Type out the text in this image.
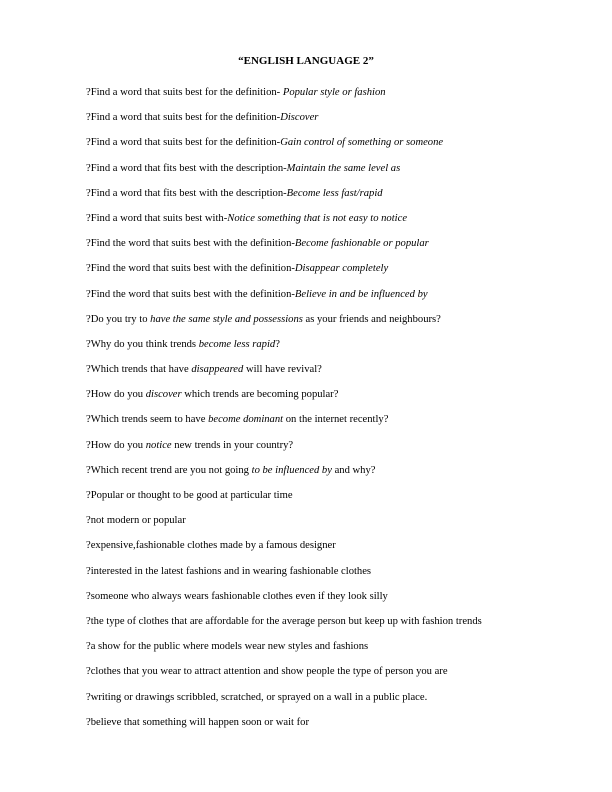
“ENGLISH LANGUAGE 2”
?Find a word that suits best for the definition- Popular style or fashion
?Find a word that suits best for the definition-Discover
?Find a word that suits best for the definition-Gain control of something or someone
?Find a word that fits best with the description-Maintain the same level as
?Find a word that fits best with the description-Become less fast/rapid
?Find a word that suits best with-Notice something that is not easy to notice
?Find the word that suits best with the definition-Become fashionable or popular
?Find the word that suits best with the definition-Disappear completely
?Find the word that suits best with the definition-Believe in and be influenced by
?Do you try to have the same style and possessions as your friends and neighbours?
?Why do you think trends become less rapid?
?Which trends that have disappeared will have revival?
?How do you discover which trends are becoming popular?
?Which trends seem to have become dominant on the internet recently?
?How do you notice new trends in your country?
?Which recent trend are you not going to be influenced by and why?
?Popular or thought to be good at particular time
?not modern or popular
?expensive,fashionable clothes made by a famous designer
?interested in the latest fashions and in wearing fashionable clothes
?someone who always wears fashionable clothes even if they look silly
?the type of clothes that are affordable for the average person but keep up with fashion trends
?a show for the public where models wear new styles and fashions
?clothes that you wear to attract attention and show people the type of person you are
?writing or drawings scribbled, scratched, or sprayed on a wall in a public place.
?believe that something will happen soon or wait for
